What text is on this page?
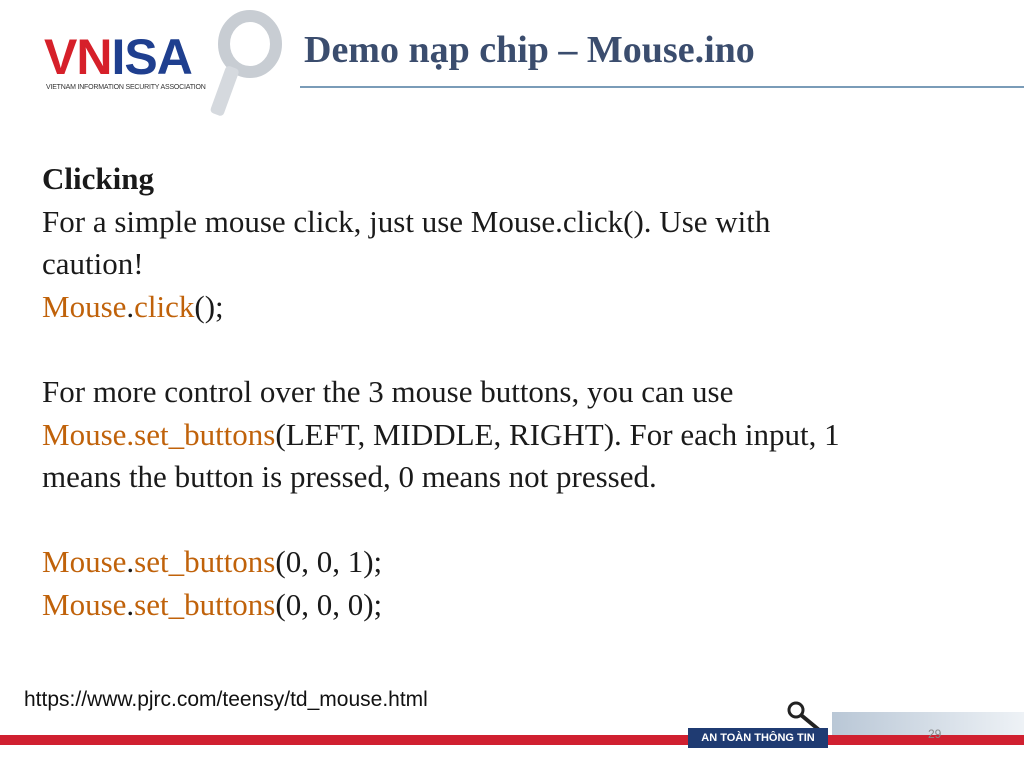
VNISA
VIETNAM INFORMATION SECURITY ASSOCIATION
Demo nạp chip – Mouse.ino
Clicking
For a simple mouse click, just use Mouse.click(). Use with
caution!
Mouse.click();
For more control over the 3 mouse buttons, you can use
Mouse.set_buttons(LEFT, MIDDLE, RIGHT). For each input, 1
means the button is pressed, 0 means not pressed.
Mouse.set_buttons(0, 0, 1);
Mouse.set_buttons(0, 0, 0);
https://www.pjrc.com/teensy/td_mouse.html
AN TOÀN THÔNG TIN	29
